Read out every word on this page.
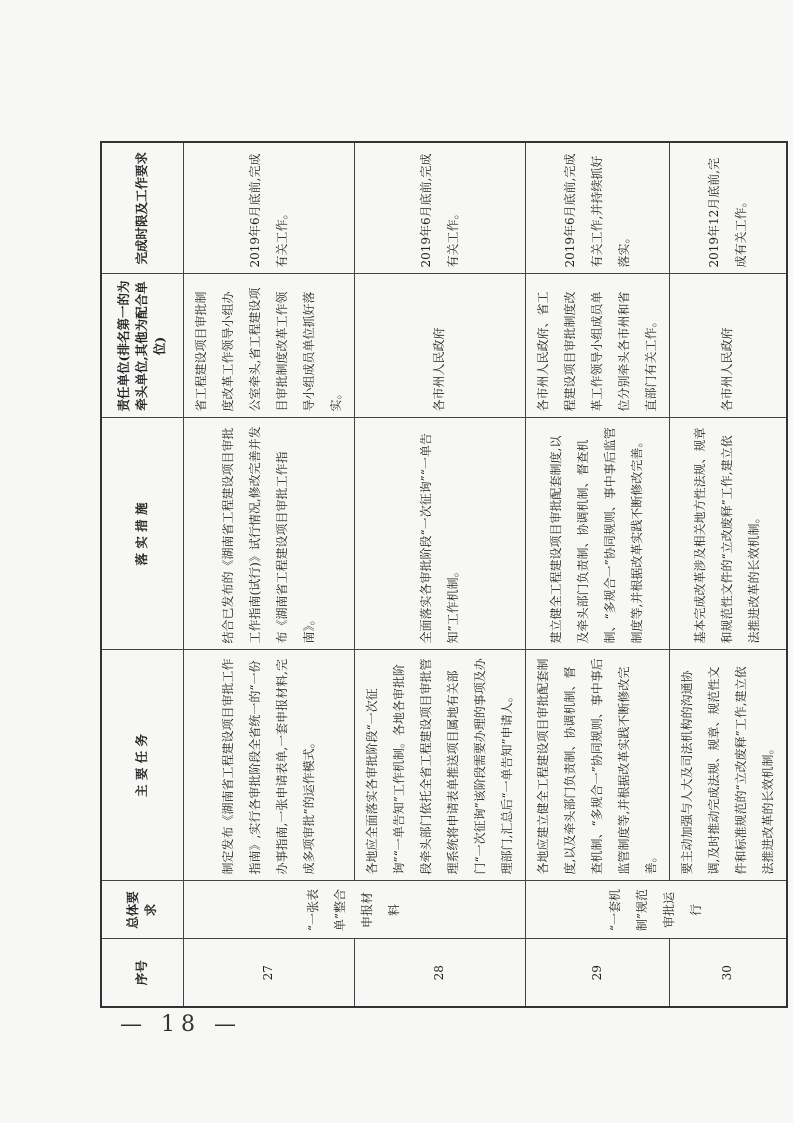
序号	总体要求	主 要 任 务	落 实 措 施	责任单位(排名第一的为牵头单位,其他为配合单位)	完成时限及工作要求
27	“一张表单”整合申报材料	制定发布《湖南省工程建设项目审批工作指南》,实行各审批阶段全省统一的“一份办事指南,一张申请表单,一套申报材料,完成多项审批”的运作模式。	结合已发布的《湖南省工程建设项目审批工作指南(试行)》试行情况,修改完善并发布《湖南省工程建设项目审批工作指南》。	省工程建设项目审批制度改革工作领导小组办公室牵头,省工程建设项目审批制度改革工作领导小组成员单位抓好落实。	2019年6月底前,完成有关工作。
28		各地应全面落实各审批阶段“一次征询”“一单告知”工作机制。各地各审批阶段牵头部门依托全省工程建设项目审批管理系统将申请表单推送项目属地有关部门“一次征询”该阶段需要办理的事项及办理部门,汇总后“一单告知”申请人。	全面落实各审批阶段“一次征询”“一单告知”工作机制。	各市州人民政府	2019年6月底前,完成有关工作。
29	“一套机制”规范审批运行	各地应建立健全工程建设项目审批配套制度,以及牵头部门负责制、协调机制、督查机制、“多规合一”协同规则、事中事后监管制度等,并根据改革实践不断修改完善。	建立健全工程建设项目审批配套制度,以及牵头部门负责制、协调机制、督查机制、“多规合一”协同规则、事中事后监管制度等,并根据改革实践不断修改完善。	各市州人民政府、省工程建设项目审批制度改革工作领导小组成员单位分别牵头各市州和省直部门有关工作。	2019年6月底前,完成有关工作,并持续抓好落实。
30		要主动加强与人大及司法机构的沟通协调,及时推动完成法规、规章、规范性文件和标准规范的“立改废释”工作,建立依法推进改革的长效机制。	基本完成改革涉及相关地方性法规、规章和规范性文件的“立改废释”工作,建立依法推进改革的长效机制。	各市州人民政府	2019年12月底前,完成有关工作。
— 18 —
